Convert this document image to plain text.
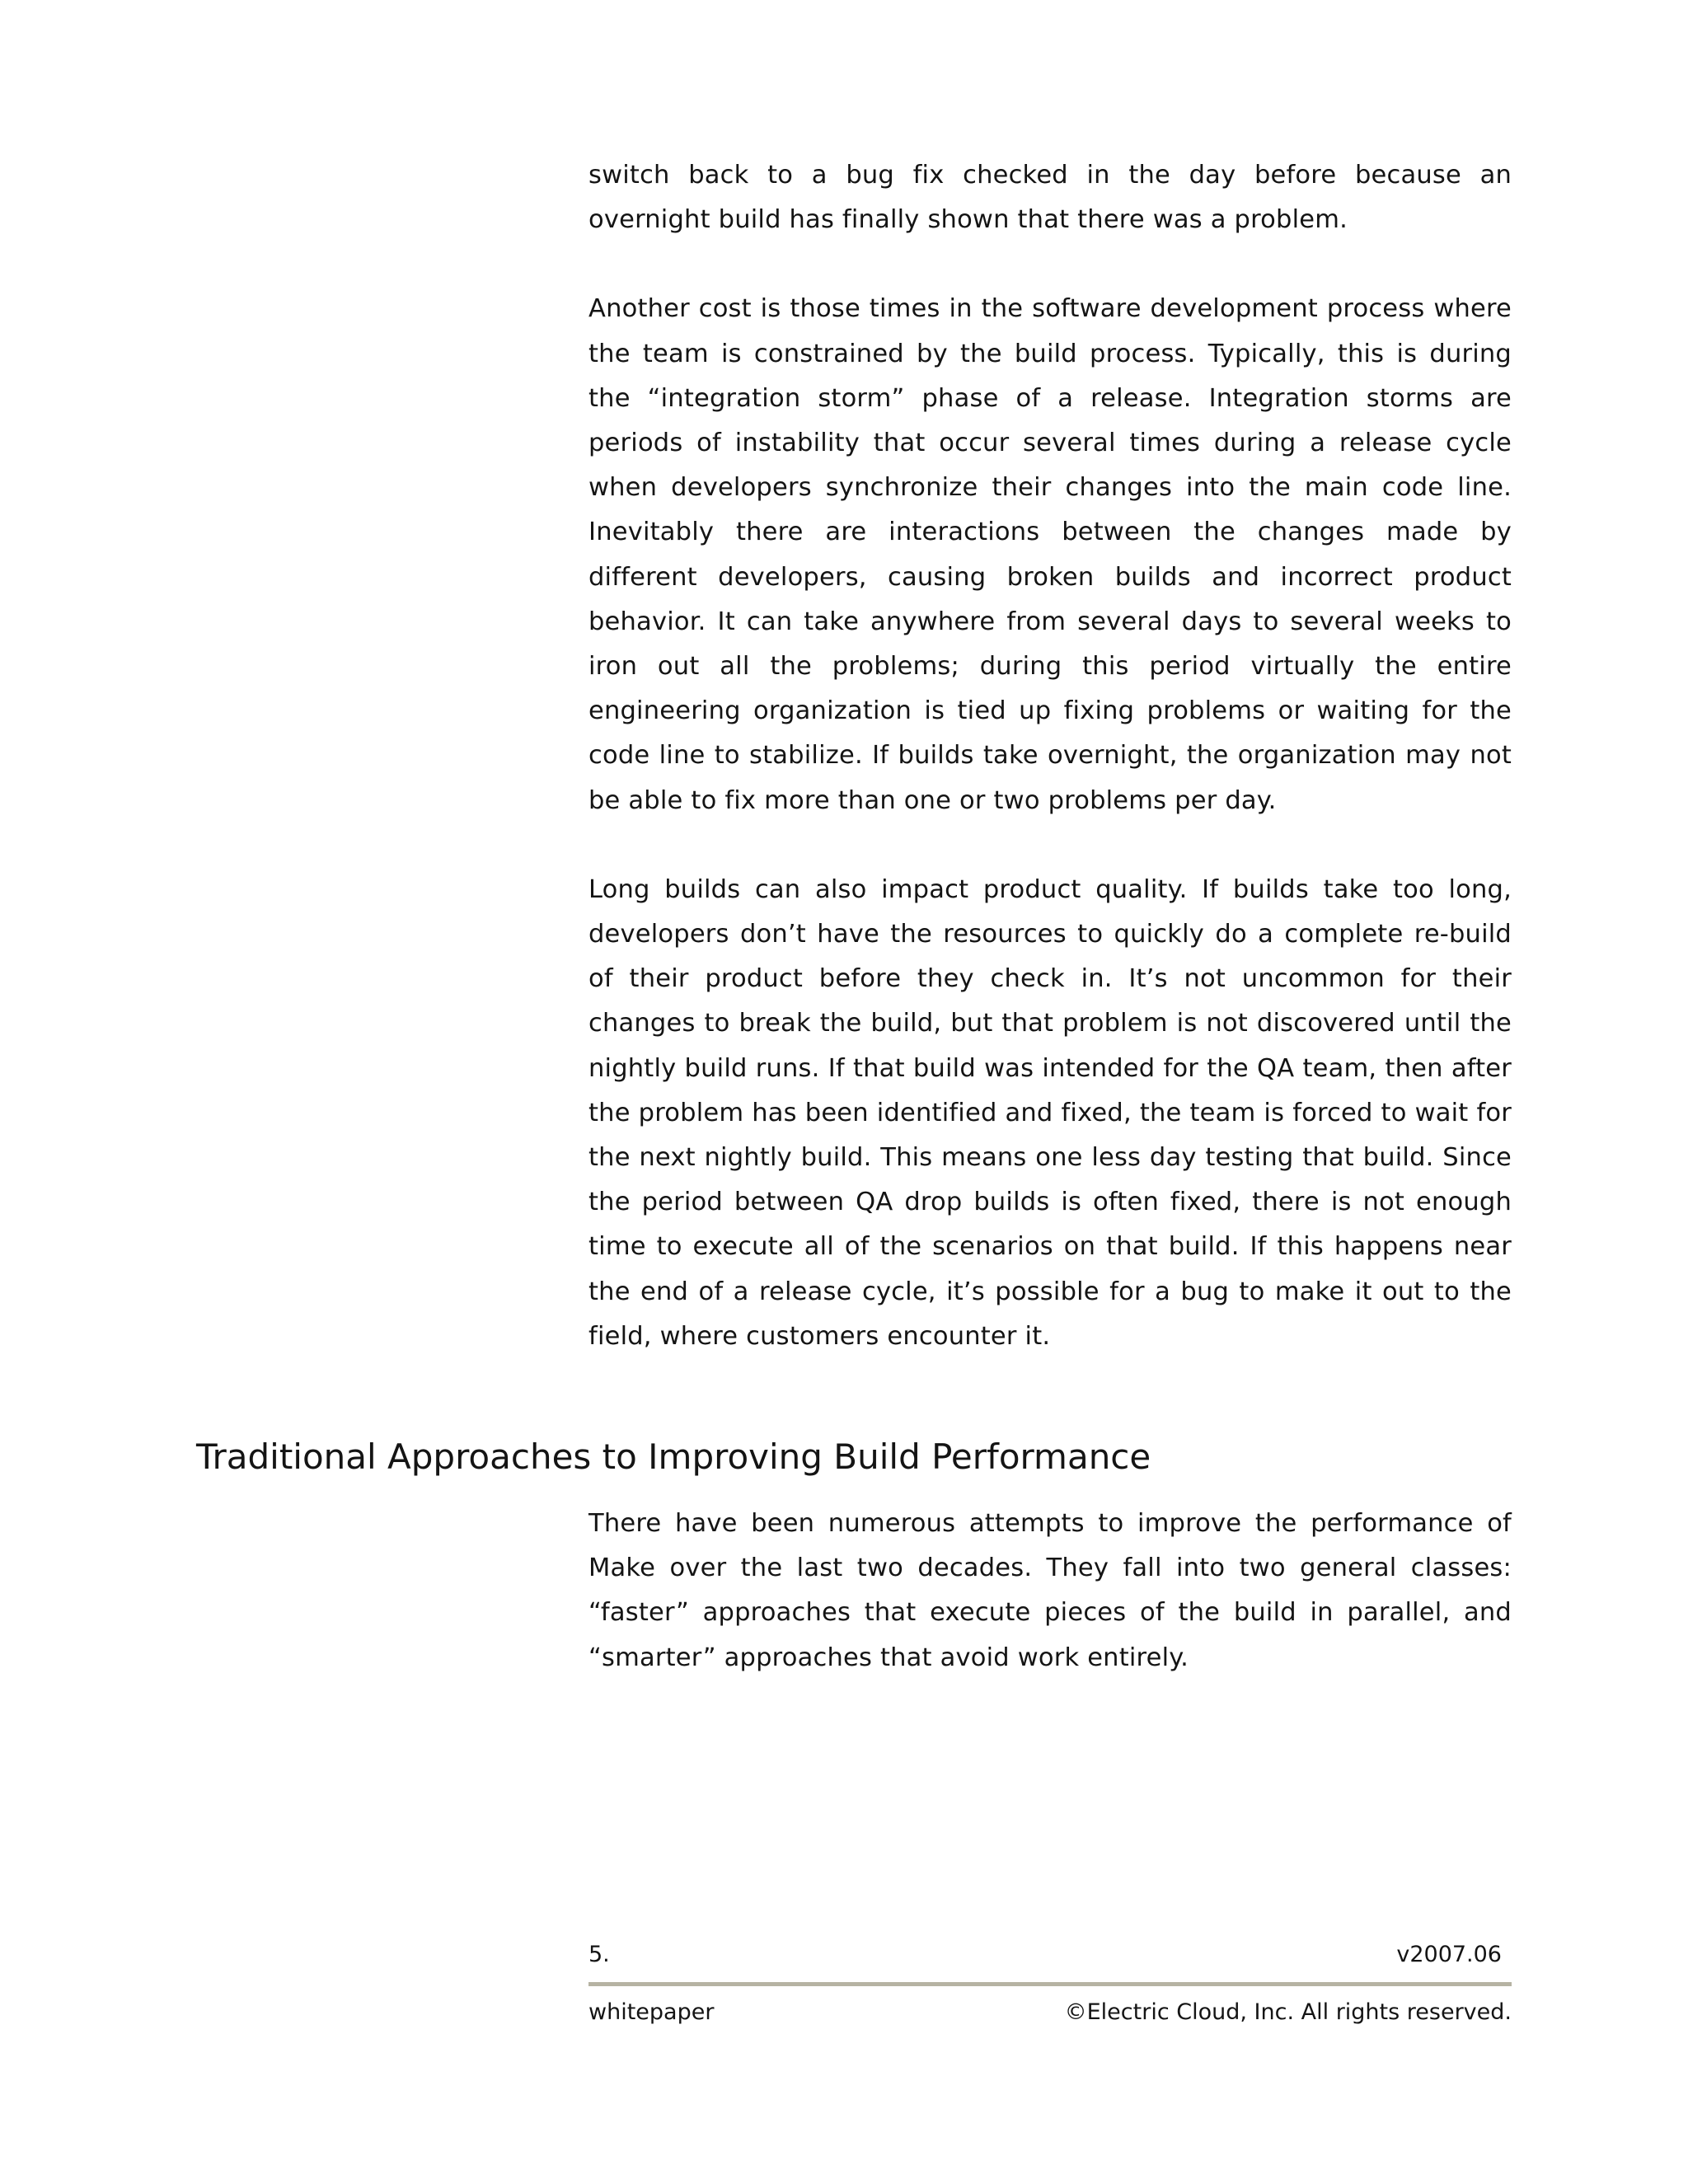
switch back to a bug fix checked in the day before because an overnight build has finally shown that there was a problem.

Another cost is those times in the software development process where the team is constrained by the build process. Typically, this is during the “integration storm” phase of a release. Integration storms are periods of instability that occur several times during a release cycle when developers synchronize their changes into the main code line. Inevitably there are interactions between the changes made by different developers, causing broken builds and incorrect product behavior. It can take anywhere from several days to several weeks to iron out all the problems; during this period virtually the entire engineering organization is tied up fixing problems or waiting for the code line to stabilize. If builds take overnight, the organization may not be able to fix more than one or two problems per day.

Long builds can also impact product quality. If builds take too long, developers don’t have the resources to quickly do a complete re-build of their product before they check in. It’s not uncommon for their changes to break the build, but that problem is not discovered until the nightly build runs. If that build was intended for the QA team, then after the problem has been identified and fixed, the team is forced to wait for the next nightly build. This means one less day testing that build. Since the period between QA drop builds is often fixed, there is not enough time to execute all of the scenarios on that build. If this happens near the end of a release cycle, it’s possible for a bug to make it out to the field, where customers encounter it.

Traditional Approaches to Improving Build Performance

There have been numerous attempts to improve the performance of Make over the last two decades. They fall into two general classes: “faster” approaches that execute pieces of the build in parallel, and “smarter” approaches that avoid work entirely.

5.	v2007.06
whitepaper	©Electric Cloud, Inc. All rights reserved.
